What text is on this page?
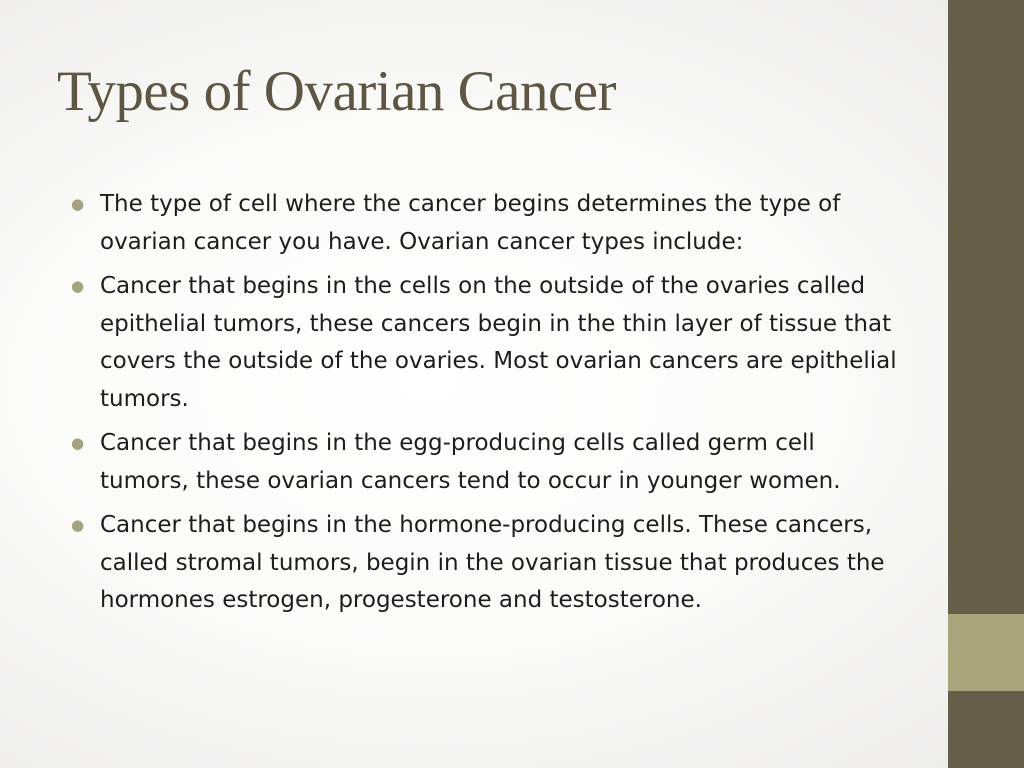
Types of Ovarian Cancer
● The type of cell where the cancer begins determines the type of ovarian cancer you have. Ovarian cancer types include:
● Cancer that begins in the cells on the outside of the ovaries called epithelial tumors, these cancers begin in the thin layer of tissue that covers the outside of the ovaries. Most ovarian cancers are epithelial tumors.
● Cancer that begins in the egg-producing cells called germ cell tumors, these ovarian cancers tend to occur in younger women.
● Cancer that begins in the hormone-producing cells. These cancers, called stromal tumors, begin in the ovarian tissue that produces the hormones estrogen, progesterone and testosterone.
